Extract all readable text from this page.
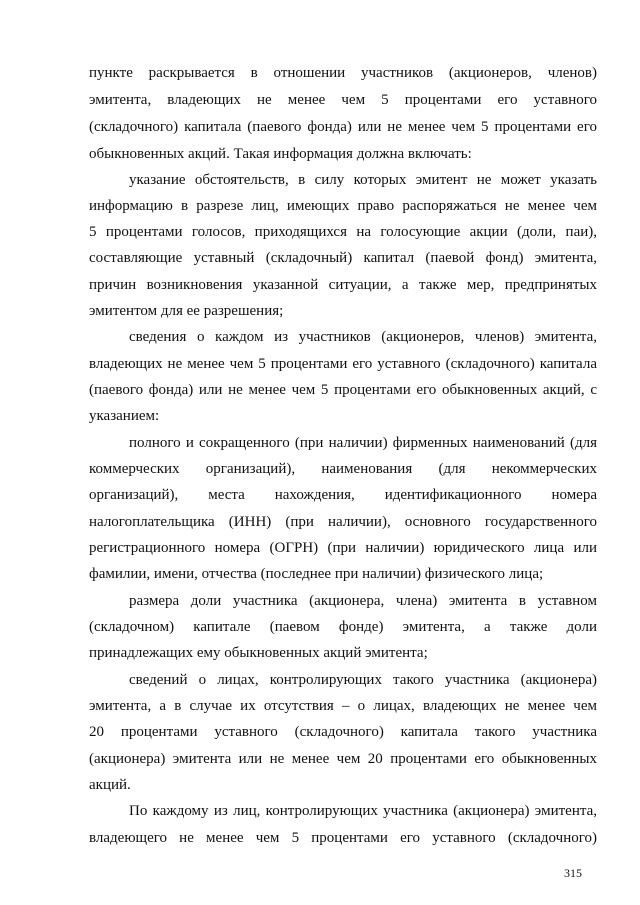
пункте раскрывается в отношении участников (акционеров, членов)
эмитента, владеющих не менее чем 5 процентами его уставного
(складочного) капитала (паевого фонда) или не менее чем 5 процентами его
обыкновенных акций. Такая информация должна включать:
указание обстоятельств, в силу которых эмитент не может указать
информацию в разрезе лиц, имеющих право распоряжаться не менее чем
5 процентами голосов, приходящихся на голосующие акции (доли, паи),
составляющие уставный (складочный) капитал (паевой фонд) эмитента,
причин возникновения указанной ситуации, а также мер, предпринятых
эмитентом для ее разрешения;
сведения о каждом из участников (акционеров, членов) эмитента,
владеющих не менее чем 5 процентами его уставного (складочного) капитала
(паевого фонда) или не менее чем 5 процентами его обыкновенных акций, с
указанием:
полного и сокращенного (при наличии) фирменных наименований (для
коммерческих организаций), наименования (для некоммерческих
организаций), места нахождения, идентификационного номера
налогоплательщика (ИНН) (при наличии), основного государственного
регистрационного номера (ОГРН) (при наличии) юридического лица или
фамилии, имени, отчества (последнее при наличии) физического лица;
размера доли участника (акционера, члена) эмитента в уставном
(складочном) капитале (паевом фонде) эмитента, а также доли
принадлежащих ему обыкновенных акций эмитента;
сведений о лицах, контролирующих такого участника (акционера)
эмитента, а в случае их отсутствия – о лицах, владеющих не менее чем
20 процентами уставного (складочного) капитала такого участника
(акционера) эмитента или не менее чем 20 процентами его обыкновенных
акций.
По каждому из лиц, контролирующих участника (акционера) эмитента,
владеющего не менее чем 5 процентами его уставного (складочного)
315
